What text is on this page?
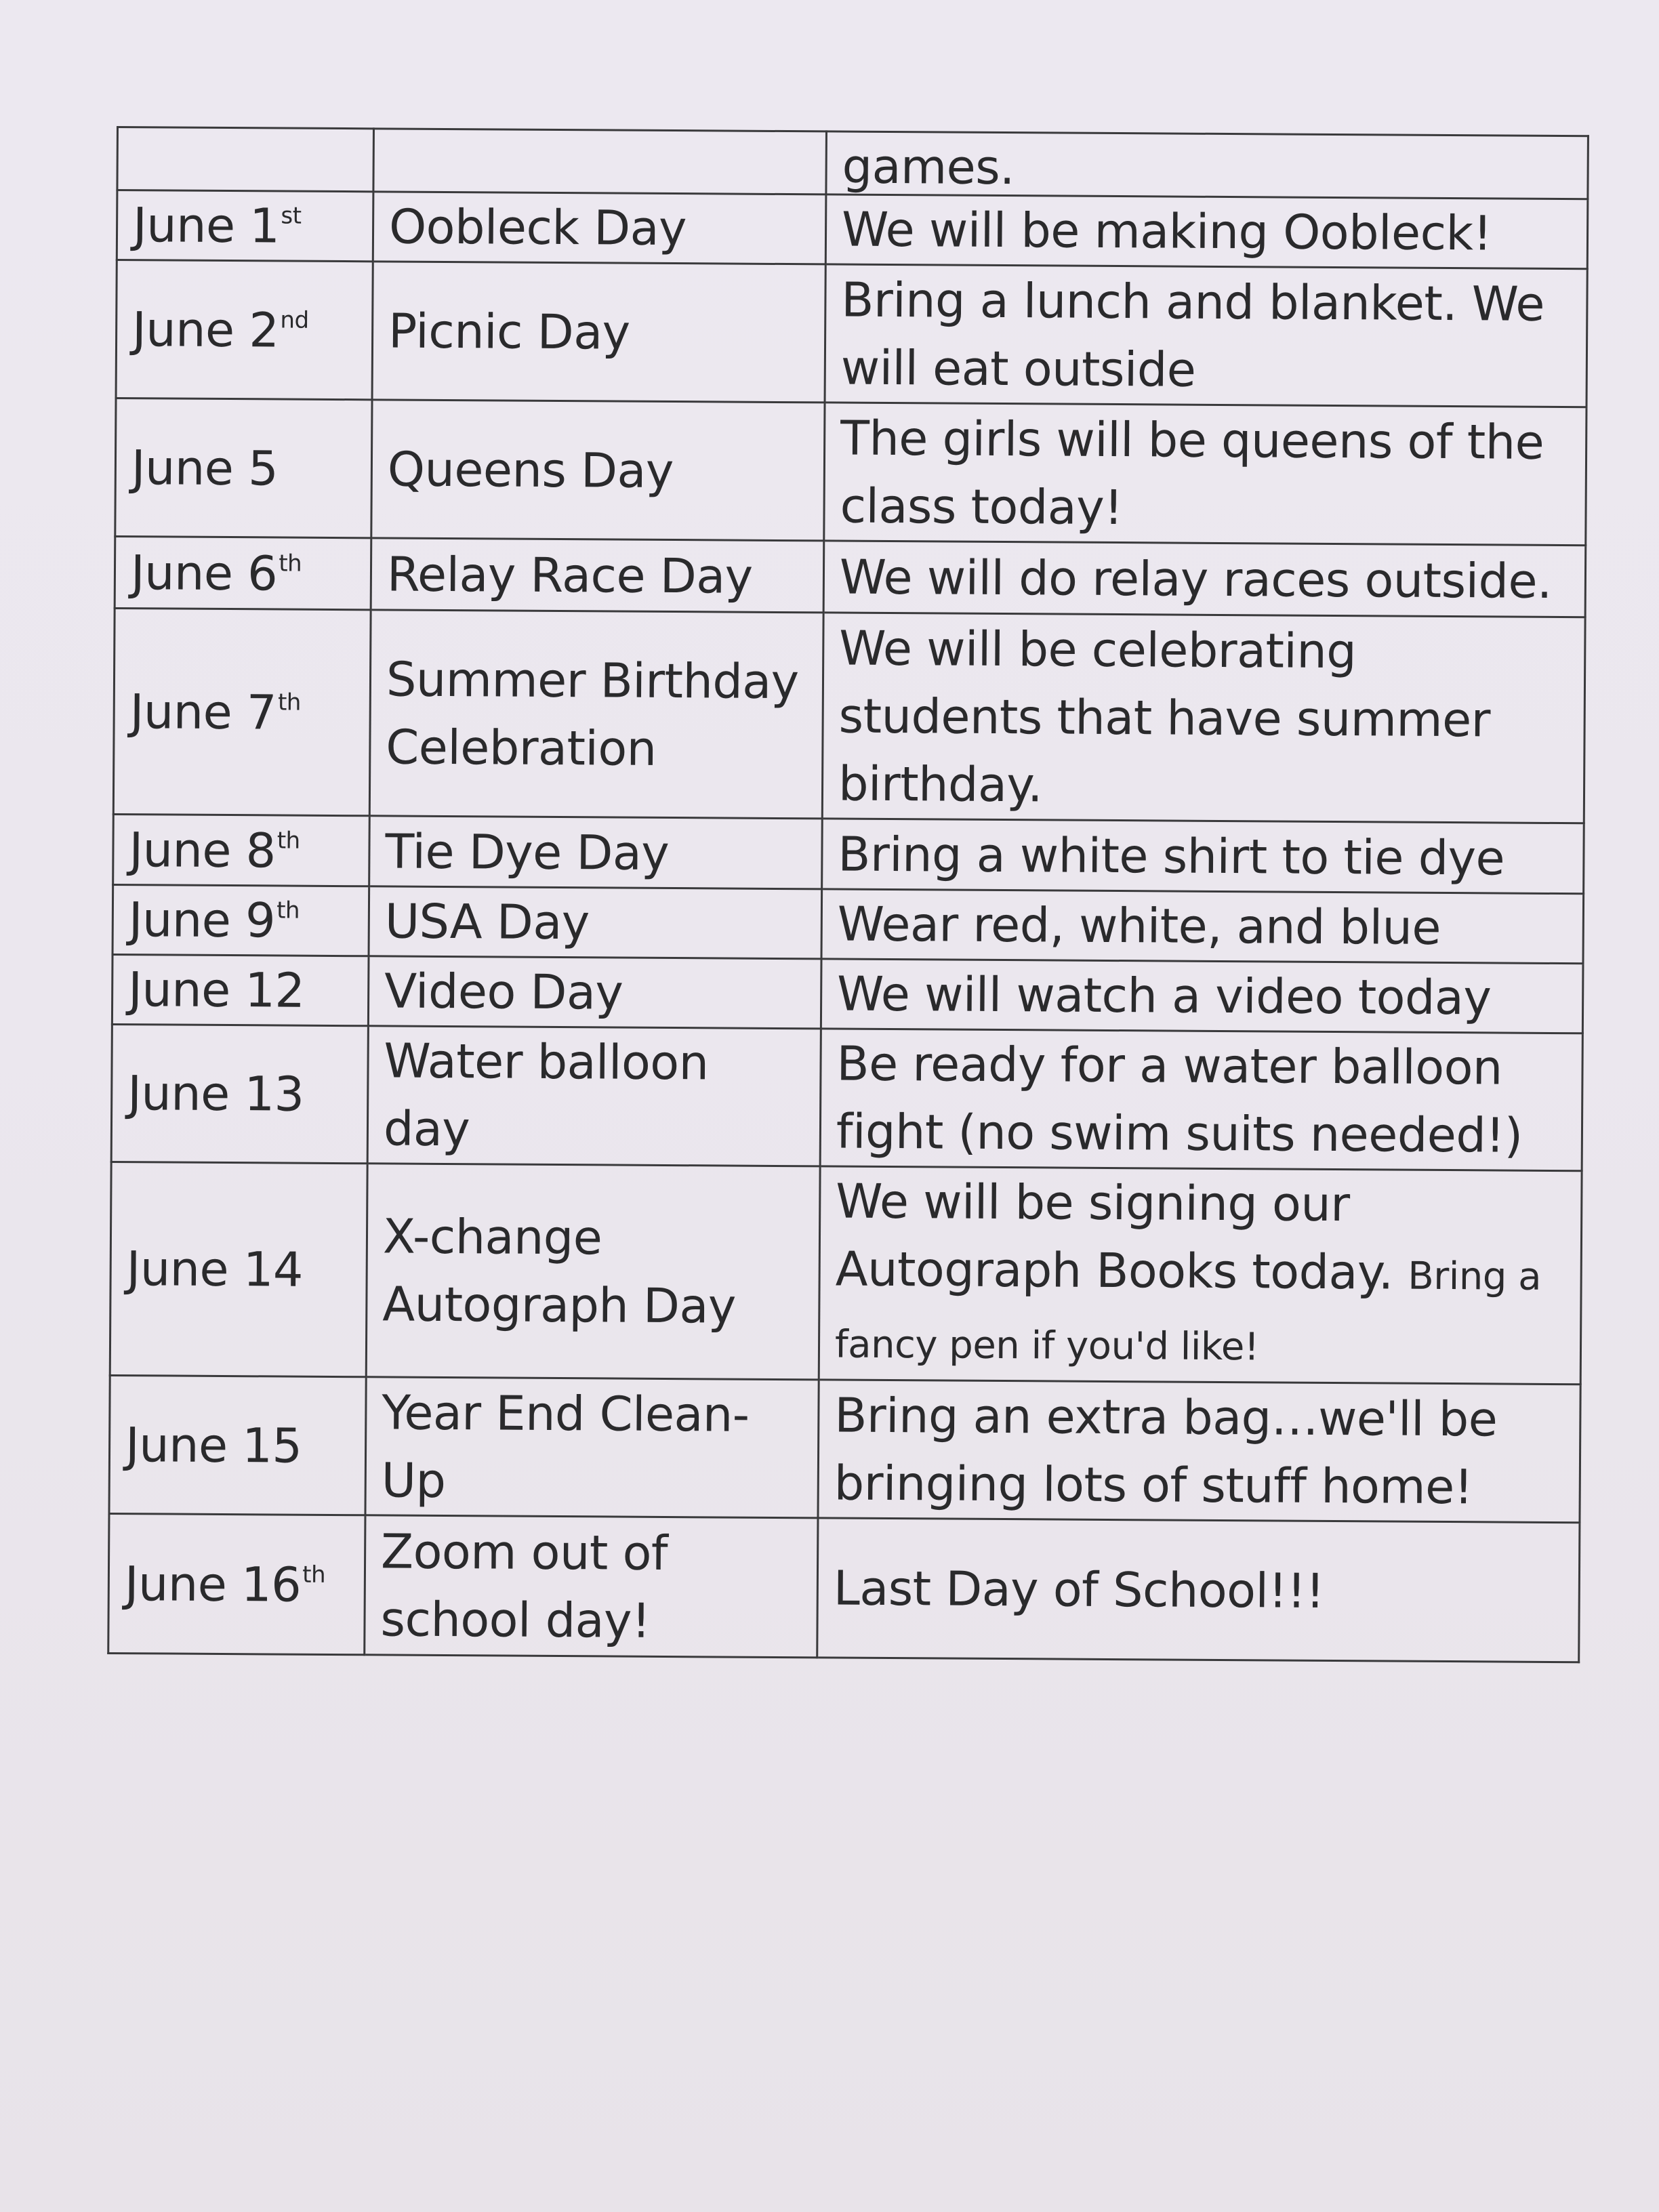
		games.
June 1st	Oobleck Day	We will be making Oobleck!
June 2nd	Picnic Day	Bring a lunch and blanket. We will eat outside
June 5	Queens Day	The girls will be queens of the class today!
June 6th	Relay Race Day	We will do relay races outside.
June 7th	Summer Birthday Celebration	We will be celebrating students that have summer birthday.
June 8th	Tie Dye Day	Bring a white shirt to tie dye
June 9th	USA Day	Wear red, white, and blue
June 12	Video Day	We will watch a video today
June 13	Water balloon day	Be ready for a water balloon fight (no swim suits needed!)
June 14	X-change Autograph Day	We will be signing our Autograph Books today. Bring a fancy pen if you'd like!
June 15	Year End Clean-Up	Bring an extra bag…we'll be bringing lots of stuff home!
June 16th	Zoom out of school day!	Last Day of School!!!
